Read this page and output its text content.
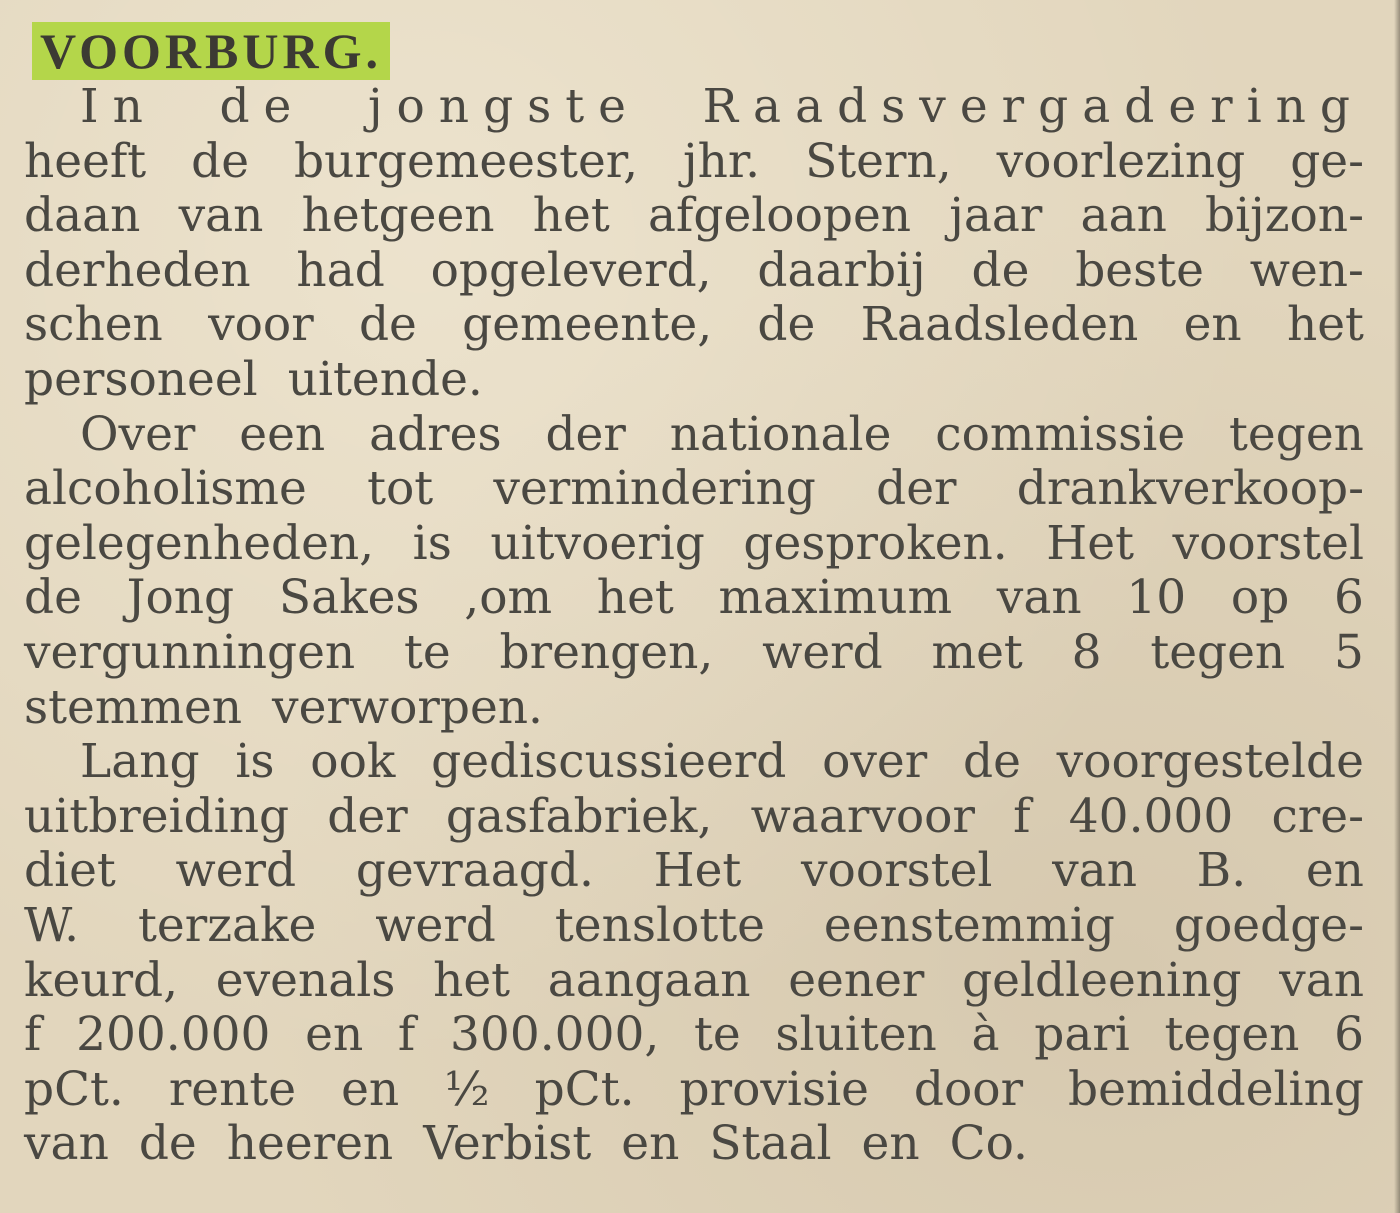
VOORBURG.
In de jongste Raadsvergadering
heeft de burgemeester, jhr. Stern, voorlezing ge-
daan van hetgeen het afgeloopen jaar aan bijzon-
derheden had opgeleverd, daarbij de beste wen-
schen voor de gemeente, de Raadsleden en het
personeel uitende.
Over een adres der nationale commissie tegen
alcoholisme tot vermindering der drankverkoop-
gelegenheden, is uitvoerig gesproken. Het voorstel
de Jong Sakes ,om het maximum van 10 op 6
vergunningen te brengen, werd met 8 tegen 5
stemmen verworpen.
Lang is ook gediscussieerd over de voorgestelde
uitbreiding der gasfabriek, waarvoor f 40.000 cre-
diet werd gevraagd. Het voorstel van B. en
W. terzake werd tenslotte eenstemmig goedge-
keurd, evenals het aangaan eener geldleening van
f 200.000 en f 300.000, te sluiten à pari tegen 6
pCt. rente en ½ pCt. provisie door bemiddeling
van de heeren Verbist en Staal en Co.
